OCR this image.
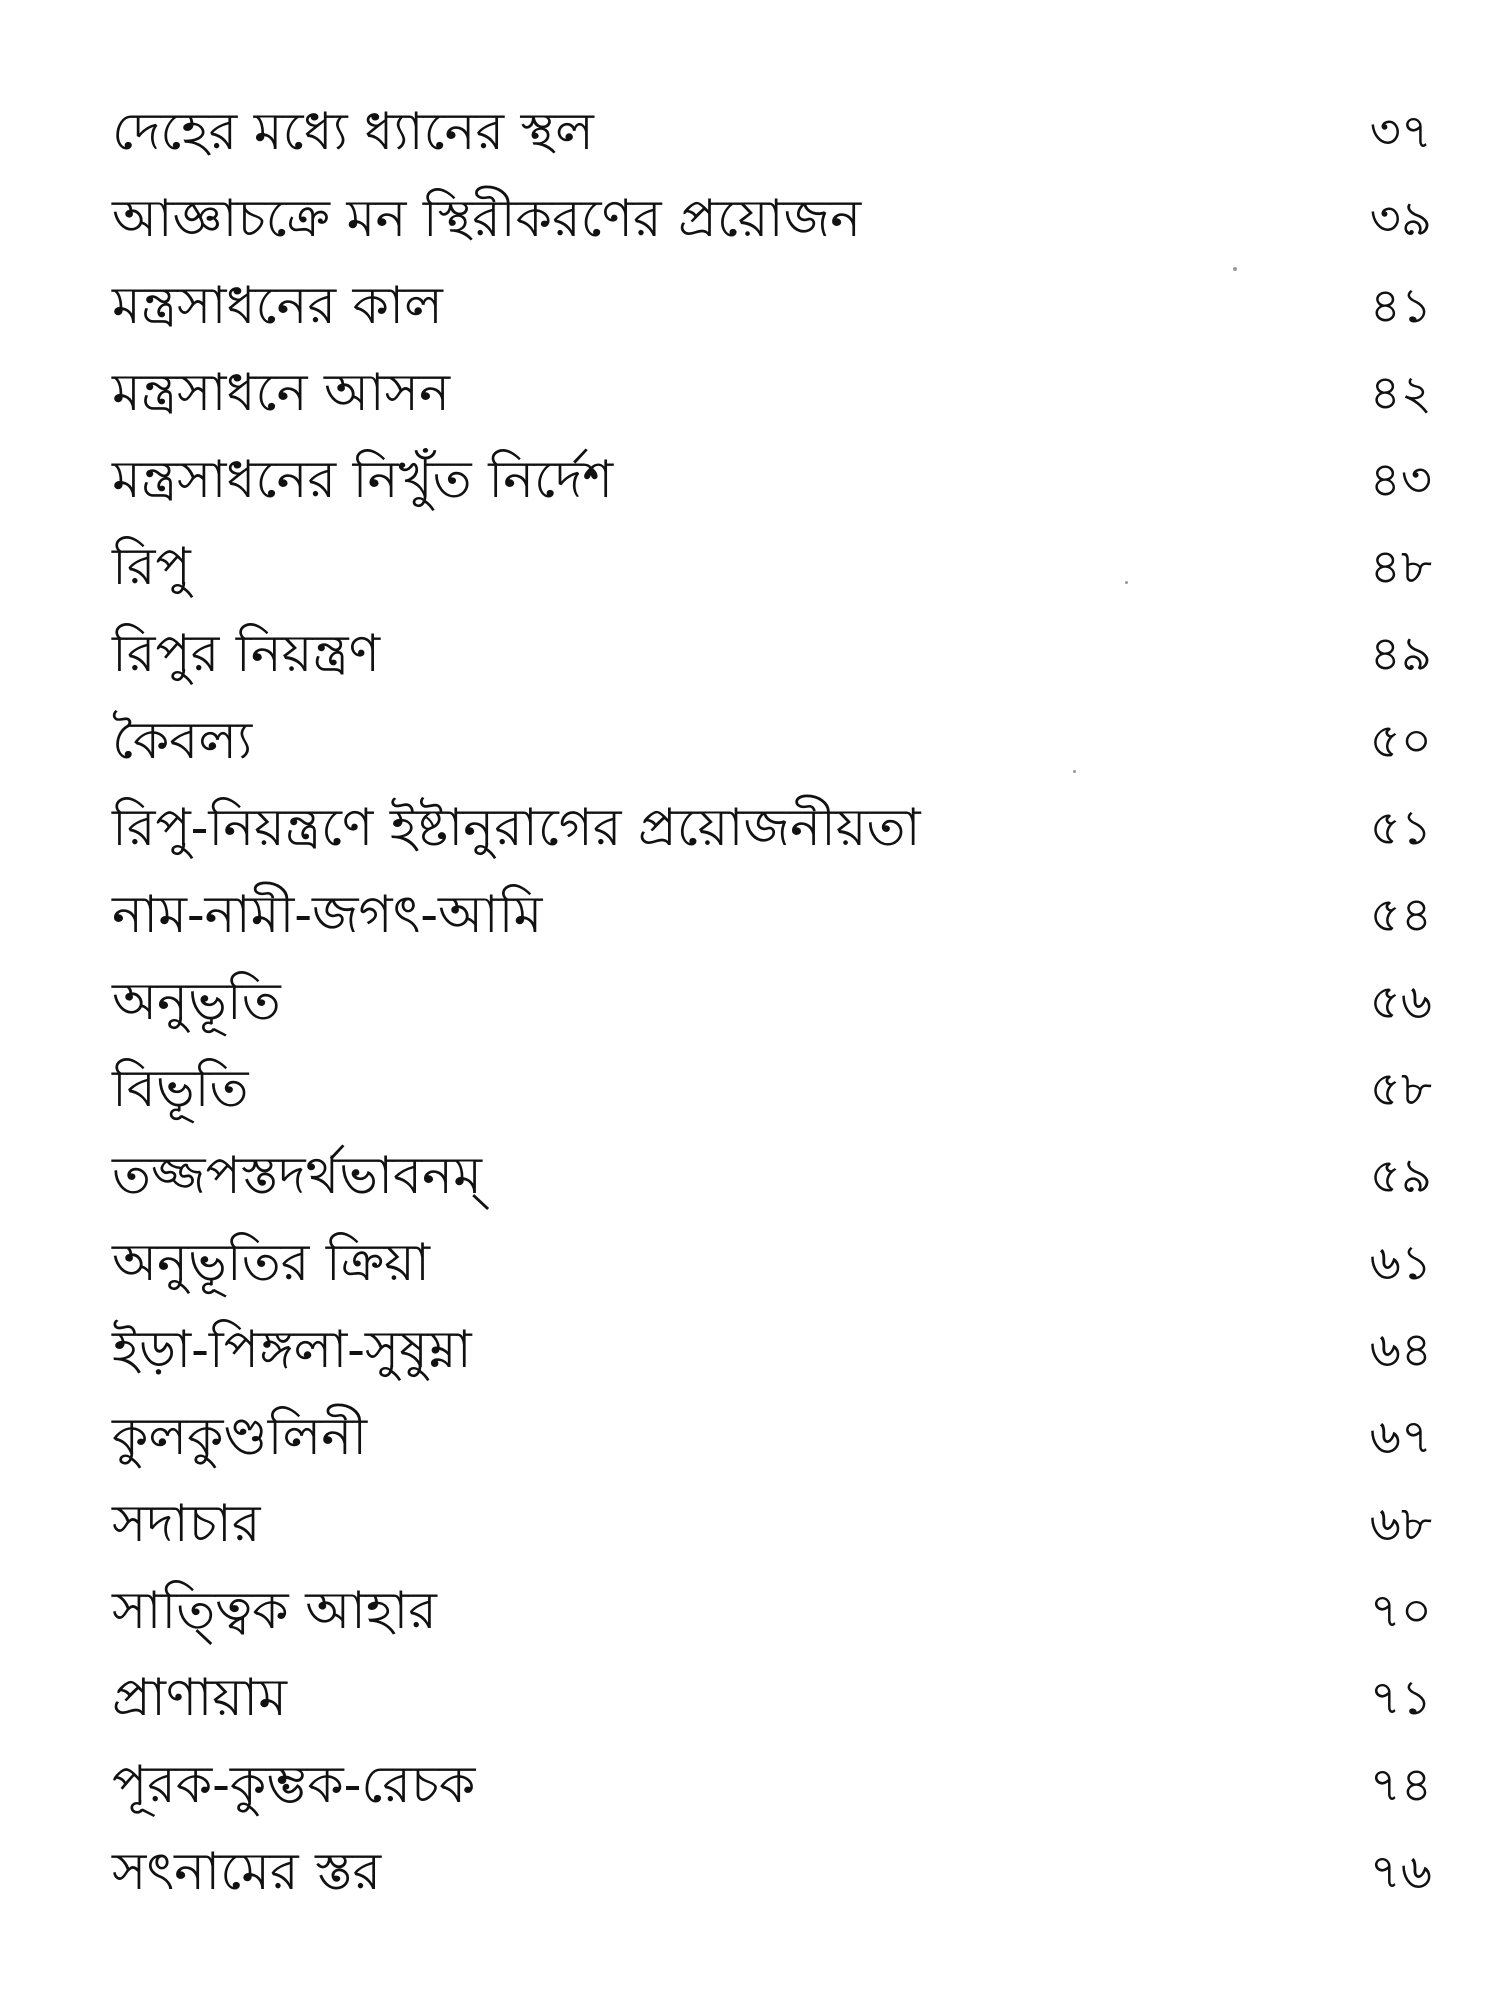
দেহের মধ্যে ধ্যানের স্থল	৩৭
আজ্ঞাচক্রে মন স্থিরীকরণের প্রয়োজন	৩৯
মন্ত্রসাধনের কাল	৪১
মন্ত্রসাধনে আসন	৪২
মন্ত্রসাধনের নিখুঁত নির্দেশ	৪৩
রিপু	৪৮
রিপুর নিয়ন্ত্রণ	৪৯
কৈবল্য	৫০
রিপু-নিয়ন্ত্রণে ইষ্টানুরাগের প্রয়োজনীয়তা	৫১
নাম-নামী-জগৎ-আমি	৫৪
অনুভূতি	৫৬
বিভূতি	৫৮
তজ্জপস্তদর্থভাবনম্	৫৯
অনুভূতির ক্রিয়া	৬১
ইড়া-পিঙ্গলা-সুষুম্না	৬৪
কুলকুণ্ডলিনী	৬৭
সদাচার	৬৮
সাত্ত্বিক আহার	৭০
প্রাণায়াম	৭১
পূরক-কুম্ভক-রেচক	৭৪
সৎনামের স্তর	৭৬
